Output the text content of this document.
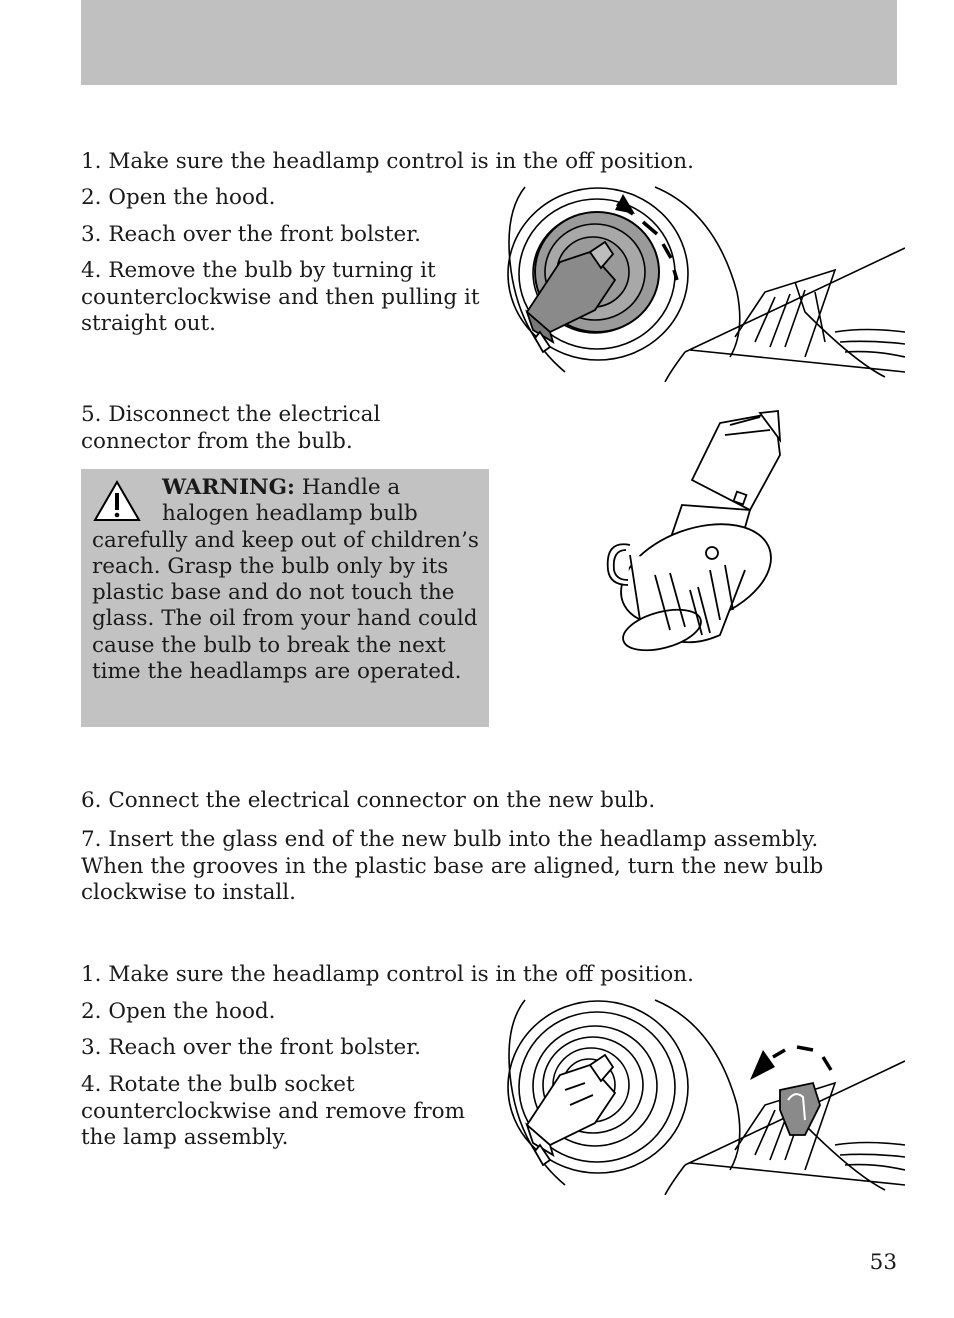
1. Make sure the headlamp control is in the off position.

2. Open the hood.

3. Reach over the front bolster.

4. Remove the bulb by turning it counterclockwise and then pulling it straight out.

5. Disconnect the electrical connector from the bulb.

WARNING: Handle a halogen headlamp bulb carefully and keep out of children’s reach. Grasp the bulb only by its plastic base and do not touch the glass. The oil from your hand could cause the bulb to break the next time the headlamps are operated.

6. Connect the electrical connector on the new bulb.

7. Insert the glass end of the new bulb into the headlamp assembly. When the grooves in the plastic base are aligned, turn the new bulb clockwise to install.

1. Make sure the headlamp control is in the off position.

2. Open the hood.

3. Reach over the front bolster.

4. Rotate the bulb socket counterclockwise and remove from the lamp assembly.

53
